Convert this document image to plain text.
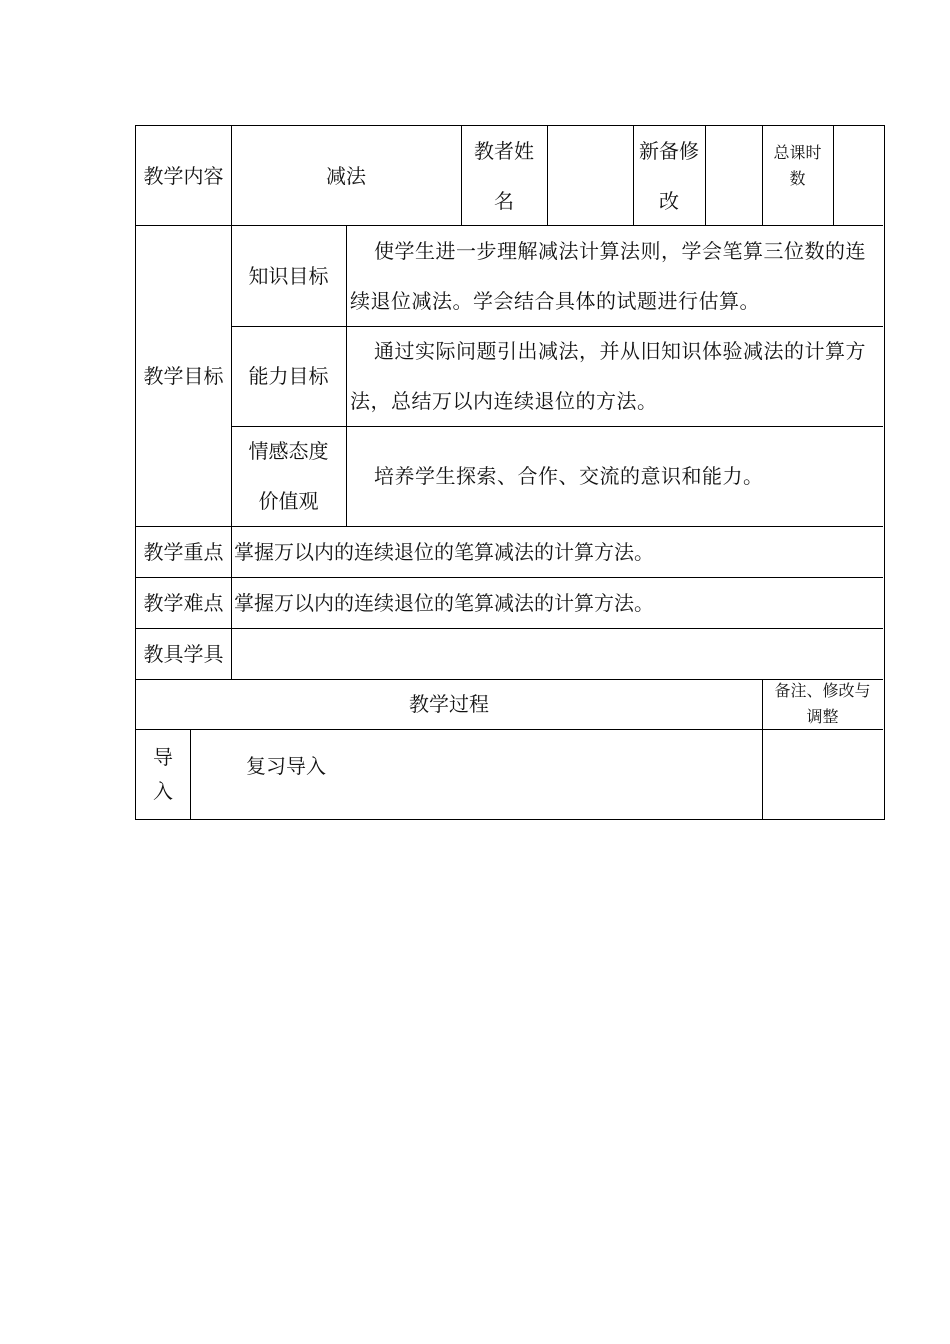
教学内容	减法
教者姓名
新备修改
总课时数
教学目标
知识目标
使学生进一步理解减法计算法则，学会笔算三位数的连续退位减法。学会结合具体的试题进行估算。
能力目标
通过实际问题引出减法，并从旧知识体验减法的计算方法，总结万以内连续退位的方法。
情感态度价值观
培养学生探索、合作、交流的意识和能力。
教学重点 掌握万以内的连续退位的笔算减法的计算方法。
教学难点 掌握万以内的连续退位的笔算减法的计算方法。
教具学具
教学过程
备注、修改与调整
导入
复习导入
